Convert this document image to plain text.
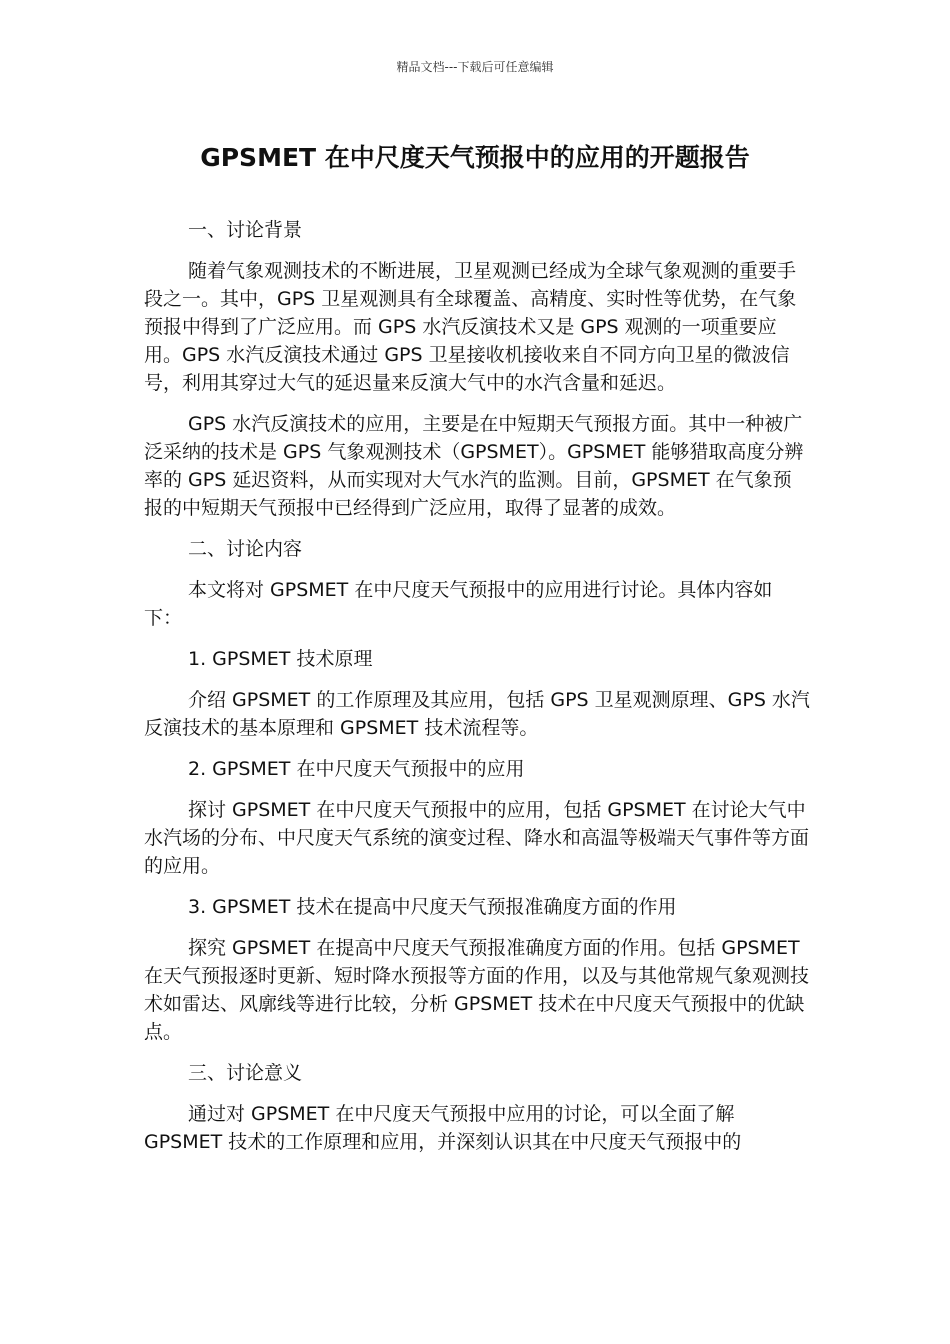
精品文档---下载后可任意编辑
GPSMET 在中尺度天气预报中的应用的开题报告
一、讨论背景
随着气象观测技术的不断进展，卫星观测已经成为全球气象观测的重要手段之一。其中，GPS 卫星观测具有全球覆盖、高精度、实时性等优势，在气象预报中得到了广泛应用。而 GPS 水汽反演技术又是 GPS 观测的一项重要应用。GPS 水汽反演技术通过 GPS 卫星接收机接收来自不同方向卫星的微波信号，利用其穿过大气的延迟量来反演大气中的水汽含量和延迟。
GPS 水汽反演技术的应用，主要是在中短期天气预报方面。其中一种被广泛采纳的技术是 GPS 气象观测技术（GPSMET）。GPSMET 能够猎取高度分辨率的 GPS 延迟资料，从而实现对大气水汽的监测。目前，GPSMET 在气象预报的中短期天气预报中已经得到广泛应用，取得了显著的成效。
二、讨论内容
本文将对 GPSMET 在中尺度天气预报中的应用进行讨论。具体内容如下：
1. GPSMET 技术原理
介绍 GPSMET 的工作原理及其应用，包括 GPS 卫星观测原理、GPS 水汽反演技术的基本原理和 GPSMET 技术流程等。
2. GPSMET 在中尺度天气预报中的应用
探讨 GPSMET 在中尺度天气预报中的应用，包括 GPSMET 在讨论大气中水汽场的分布、中尺度天气系统的演变过程、降水和高温等极端天气事件等方面的应用。
3. GPSMET 技术在提高中尺度天气预报准确度方面的作用
探究 GPSMET 在提高中尺度天气预报准确度方面的作用。包括 GPSMET 在天气预报逐时更新、短时降水预报等方面的作用，以及与其他常规气象观测技术如雷达、风廓线等进行比较，分析 GPSMET 技术在中尺度天气预报中的优缺点。
三、讨论意义
通过对 GPSMET 在中尺度天气预报中应用的讨论，可以全面了解 GPSMET 技术的工作原理和应用，并深刻认识其在中尺度天气预报中的
